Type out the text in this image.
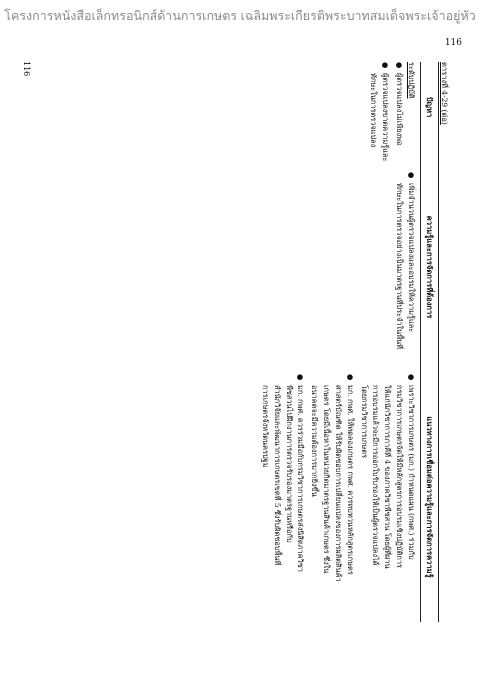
โครงการหนังสือเล็กทรอนิกส์ด้านการเกษตร เฉลิมพระเกียรติพระบาทสมเด็จพระเจ้าอยู่หัว
116
116	ตารางที่ 4-29 (ต่อ)
ปัญหา
ความรู้และการจัดการที่ต้องการ
แนวทางการเชื่อมต่อความรู้และการจัดการความรู้
ระดับปฏิบัติ
●
ผู้ตรวจแปลงไม่เพียงพอ
●
ผู้ตรวจแปลงขาดความรู้และ
ทักษะในการตรวจแปลง
●
เพิ่มจำนวนผู้ตรวจแปลงและอบรมให้ความรู้และ
ทักษะในการตรวจอย่างเป็นมาตรฐานที่ประจำในพื้นที่
●
เพราะวิชาการเกษตร (มก.) กำหนดแผน (กพศ.) ร่วมกับ
กรมวิชาการเกษตรจัดให้มีหลักสูตรการอบรมเชิงปฏิบัติการ
ให้แก่นักวิชาการภาคีที่ 4 ของภาควิชาพืชสวน โดยผู้ที่ผ่าน
การอบรมแล้วจะมีการออกใบรับรองให้เป็นผู้ตรวจแปลงได้
โดยกรมวิชาการเกษตร
●
มก. กพศ. ให้ทดลองเกษตร กพศ. ควรทบทวนหลักสูตรเกษตร
ศาสตร์บัณฑิต ให้รับผิดชอบการเปลี่ยนแปลงของการผลิตสินค้า
เกษตร โดยมีเนื้อหาในหน่วยกิตมาตรฐานสินค้าเกษตร ซึ่งใน
อนาคตจะมีความต้องการมากยิ่งขึ้น
●
มก. กพศ. ควรร่วมมือกับกรมวิชาการเกษตรส่งนิสิตภาควิชา
พืชสวนไปฝึกงานการตรวจรับรองมาตรฐานหรือกับ
สำนักวิจัยและพัฒนาการเกษตรเขตที่ 5 ซึ่งรับผิดชอบพื้นที่
การเกษตรจังหวัดนครปฐม
